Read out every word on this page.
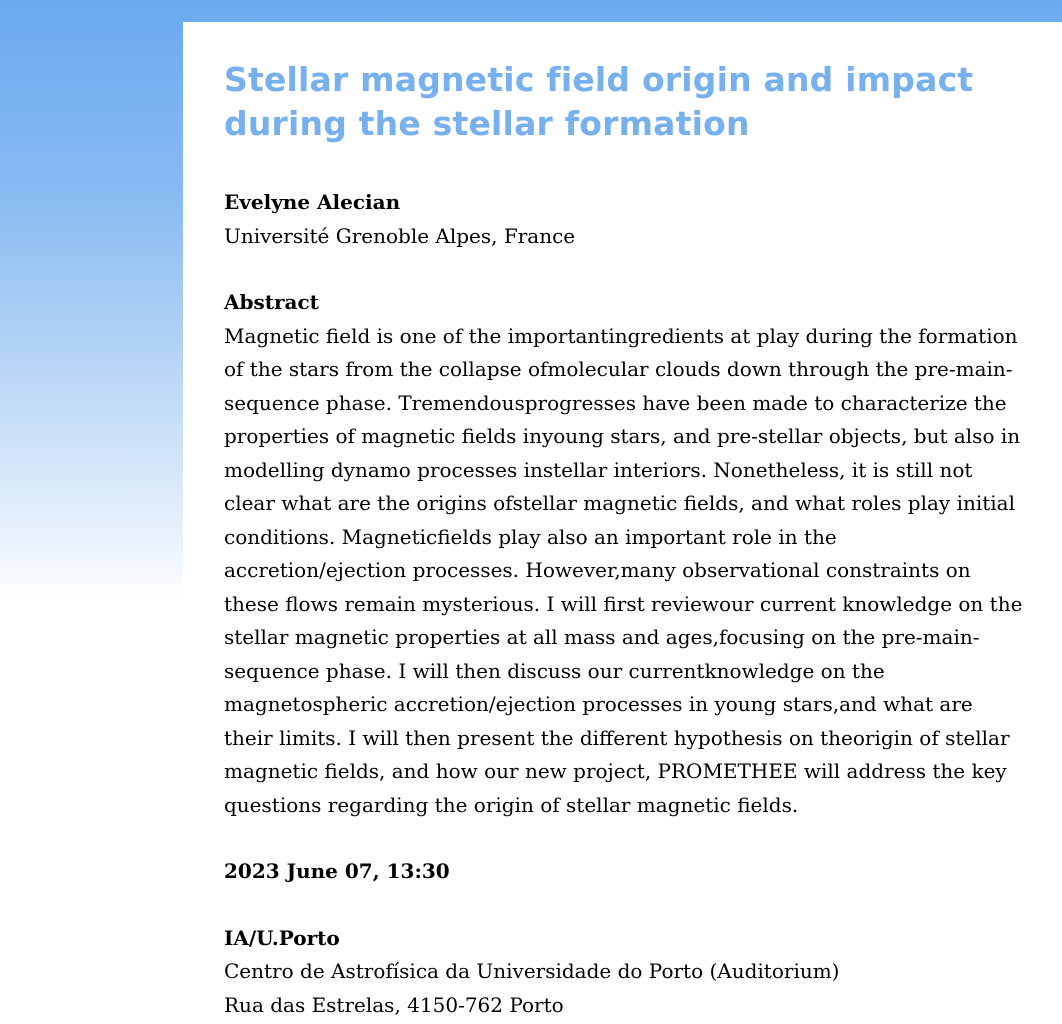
Stellar magnetic field origin and impact during the stellar formation
Evelyne Alecian
Université Grenoble Alpes, France
Abstract
Magnetic field is one of the importantingredients at play during the formation of the stars from the collapse ofmolecular clouds down through the pre-main-sequence phase. Tremendousprogresses have been made to characterize the properties of magnetic fields inyoung stars, and pre-stellar objects, but also in modelling dynamo processes instellar interiors. Nonetheless, it is still not clear what are the origins ofstellar magnetic fields, and what roles play initial conditions. Magneticfields play also an important role in the accretion/ejection processes. However,many observational constraints on these flows remain mysterious. I will first reviewour current knowledge on the stellar magnetic properties at all mass and ages,focusing on the pre-main-sequence phase. I will then discuss our currentknowledge on the magnetospheric accretion/ejection processes in young stars,and what are their limits. I will then present the different hypothesis on theorigin of stellar magnetic fields, and how our new project, PROMETHEE will address the key questions regarding the origin of stellar magnetic fields.
2023 June 07, 13:30
IA/U.Porto
Centro de Astrofísica da Universidade do Porto (Auditorium)
Rua das Estrelas, 4150-762 Porto
